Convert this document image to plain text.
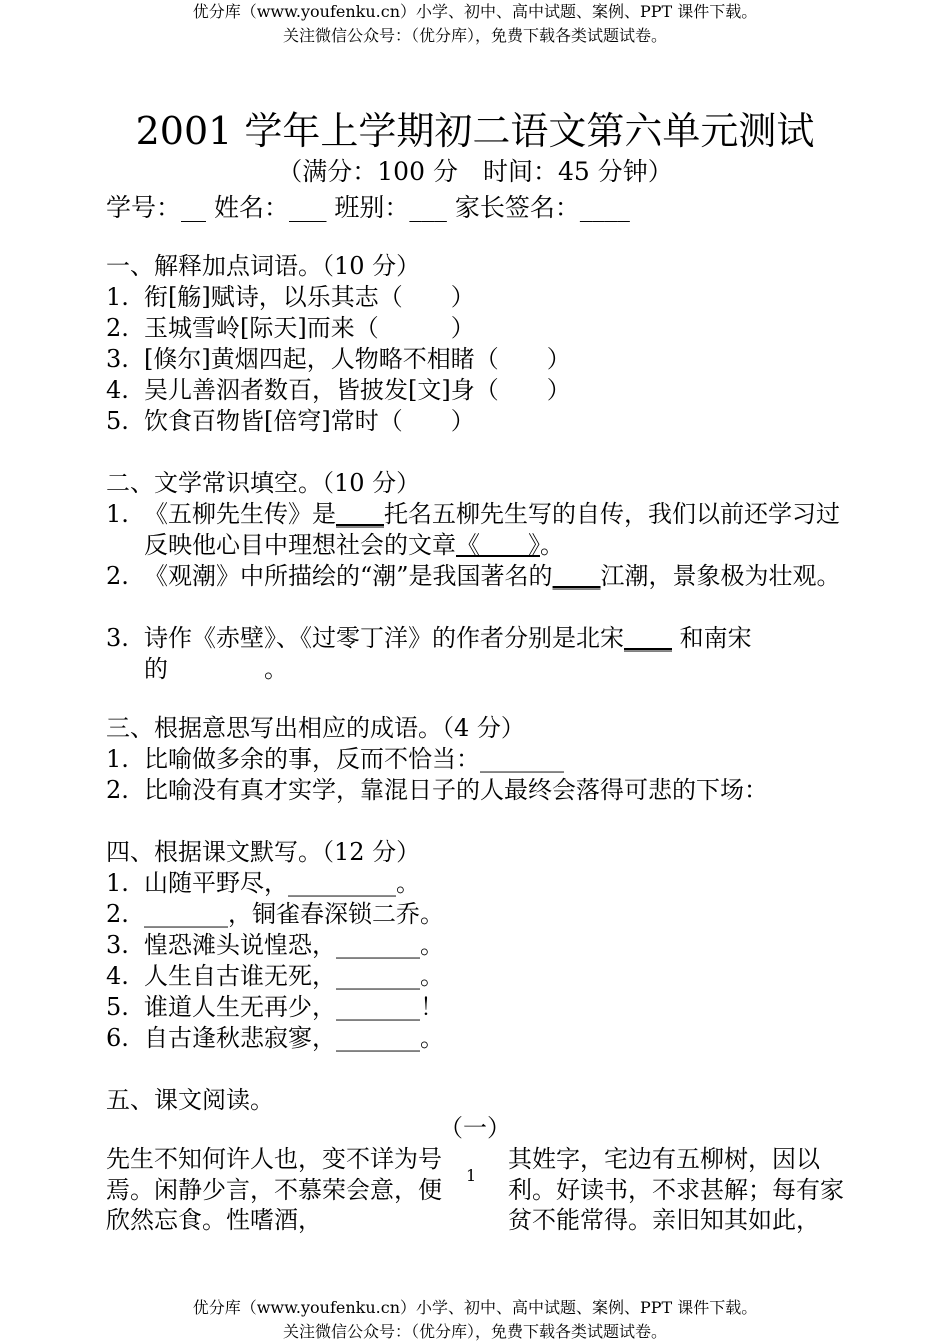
优分库（www.youfenku.cn）小学、初中、高中试题、案例、PPT 课件下载。
关注微信公众号：（优分库），免费下载各类试题试卷。
2001 学年上学期初二语文第六单元测试
（满分：100 分　时间：45 分钟）
学号：__ 姓名：___ 班别：___ 家长签名：____
一、解释加点词语。（10 分）
1. 衔[觞]赋诗，以乐其志（　　）
2. 玉城雪岭[际天]而来（　　　）
3. [倏尔]黄烟四起，人物略不相睹（　　）
4. 吴儿善泅者数百，皆披发[文]身（　　）
5. 饮食百物皆[倍穹]常时（　　）
二、文学常识填空。（10 分）
1. 《五柳先生传》是____托名五柳先生写的自传，我们以前还学习过反映他心目中理想社会的文章《　　》。
2. 《观潮》中所描绘的“潮”是我国著名的____江潮，景象极为壮观。
3. 诗作《赤壁》、《过零丁洋》的作者分别是北宋____ 和南宋的　　　　。
三、根据意思写出相应的成语。（4 分）
1. 比喻做多余的事，反而不恰当：_______
2. 比喻没有真才实学，靠混日子的人最终会落得可悲的下场：
四、根据课文默写。（12 分）
1. 山随平野尽，_________。
2. _______，铜雀春深锁二乔。
3. 惶恐滩头说惶恐，_______。
4. 人生自古谁无死，_______。
5. 谁道人生无再少，_______！
6. 自古逢秋悲寂寥，_______。
五、课文阅读。
（一）
先生不知何许人也，变不详为号焉。闲静少言，不慕荣会意，便欣然忘食。性嗜酒，
1
其姓字，宅边有五柳树，因以利。好读书，不求甚解；每有家贫不能常得。亲旧知其如此，
优分库（www.youfenku.cn）小学、初中、高中试题、案例、PPT 课件下载。
关注微信公众号：（优分库），免费下载各类试题试卷。
